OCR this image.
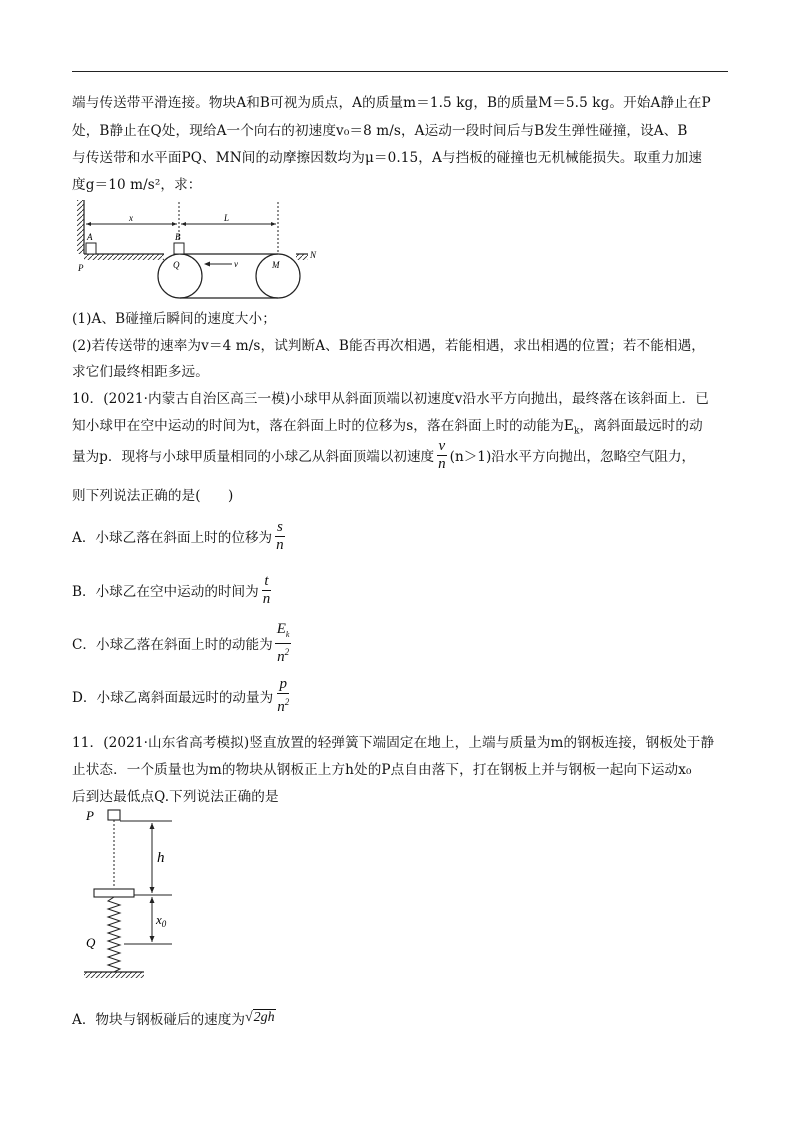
端与传送带平滑连接。物块A和B可视为质点，A的质量m＝1.5 kg，B的质量M＝5.5 kg。开始A静止在P
处，B静止在Q处，现给A一个向右的初速度v₀＝8 m/s，A运动一段时间后与B发生弹性碰撞，设A、B
与传送带和水平面PQ、MN间的动摩擦因数均为μ＝0.15，A与挡板的碰撞也无机械能损失。取重力加速
度g＝10 m/s²，求：
x	L
A	B
P	Q	v	M
N
(1)A、B碰撞后瞬间的速度大小；
(2)若传送带的速率为v＝4 m/s，试判断A、B能否再次相遇，若能相遇，求出相遇的位置；若不能相遇，
求它们最终相距多远。
10．(2021·内蒙古自治区高三一模)小球甲从斜面顶端以初速度v沿水平方向抛出，最终落在该斜面上．已
知小球甲在空中运动的时间为t，落在斜面上时的位移为s，落在斜面上时的动能为$E_k$，离斜面最远时的动
量为p．现将与小球甲质量相同的小球乙从斜面顶端以初速度 $\frac{v}{n} (n>1)$沿水平方向抛出，忽略空气阻力，
则下列说法正确的是(　　)
A．小球乙落在斜面上时的位移为 $\frac{s}{n}$
B．小球乙在空中运动的时间为 $\frac{t}{n}$
C．小球乙落在斜面上时的动能为 $\frac{E_k}{n^2}$
D．小球乙离斜面最远时的动量为 $\frac{p}{n^2}$
11．(2021·山东省高考模拟)竖直放置的轻弹簧下端固定在地上，上端与质量为m的钢板连接，钢板处于静
止状态．一个质量也为m的物块从钢板正上方h处的P点自由落下，打在钢板上并与钢板一起向下运动x₀
后到达最低点Q.下列说法正确的是
P
h
$x_0$
Q
A．物块与钢板碰后的速度为 √2gh
